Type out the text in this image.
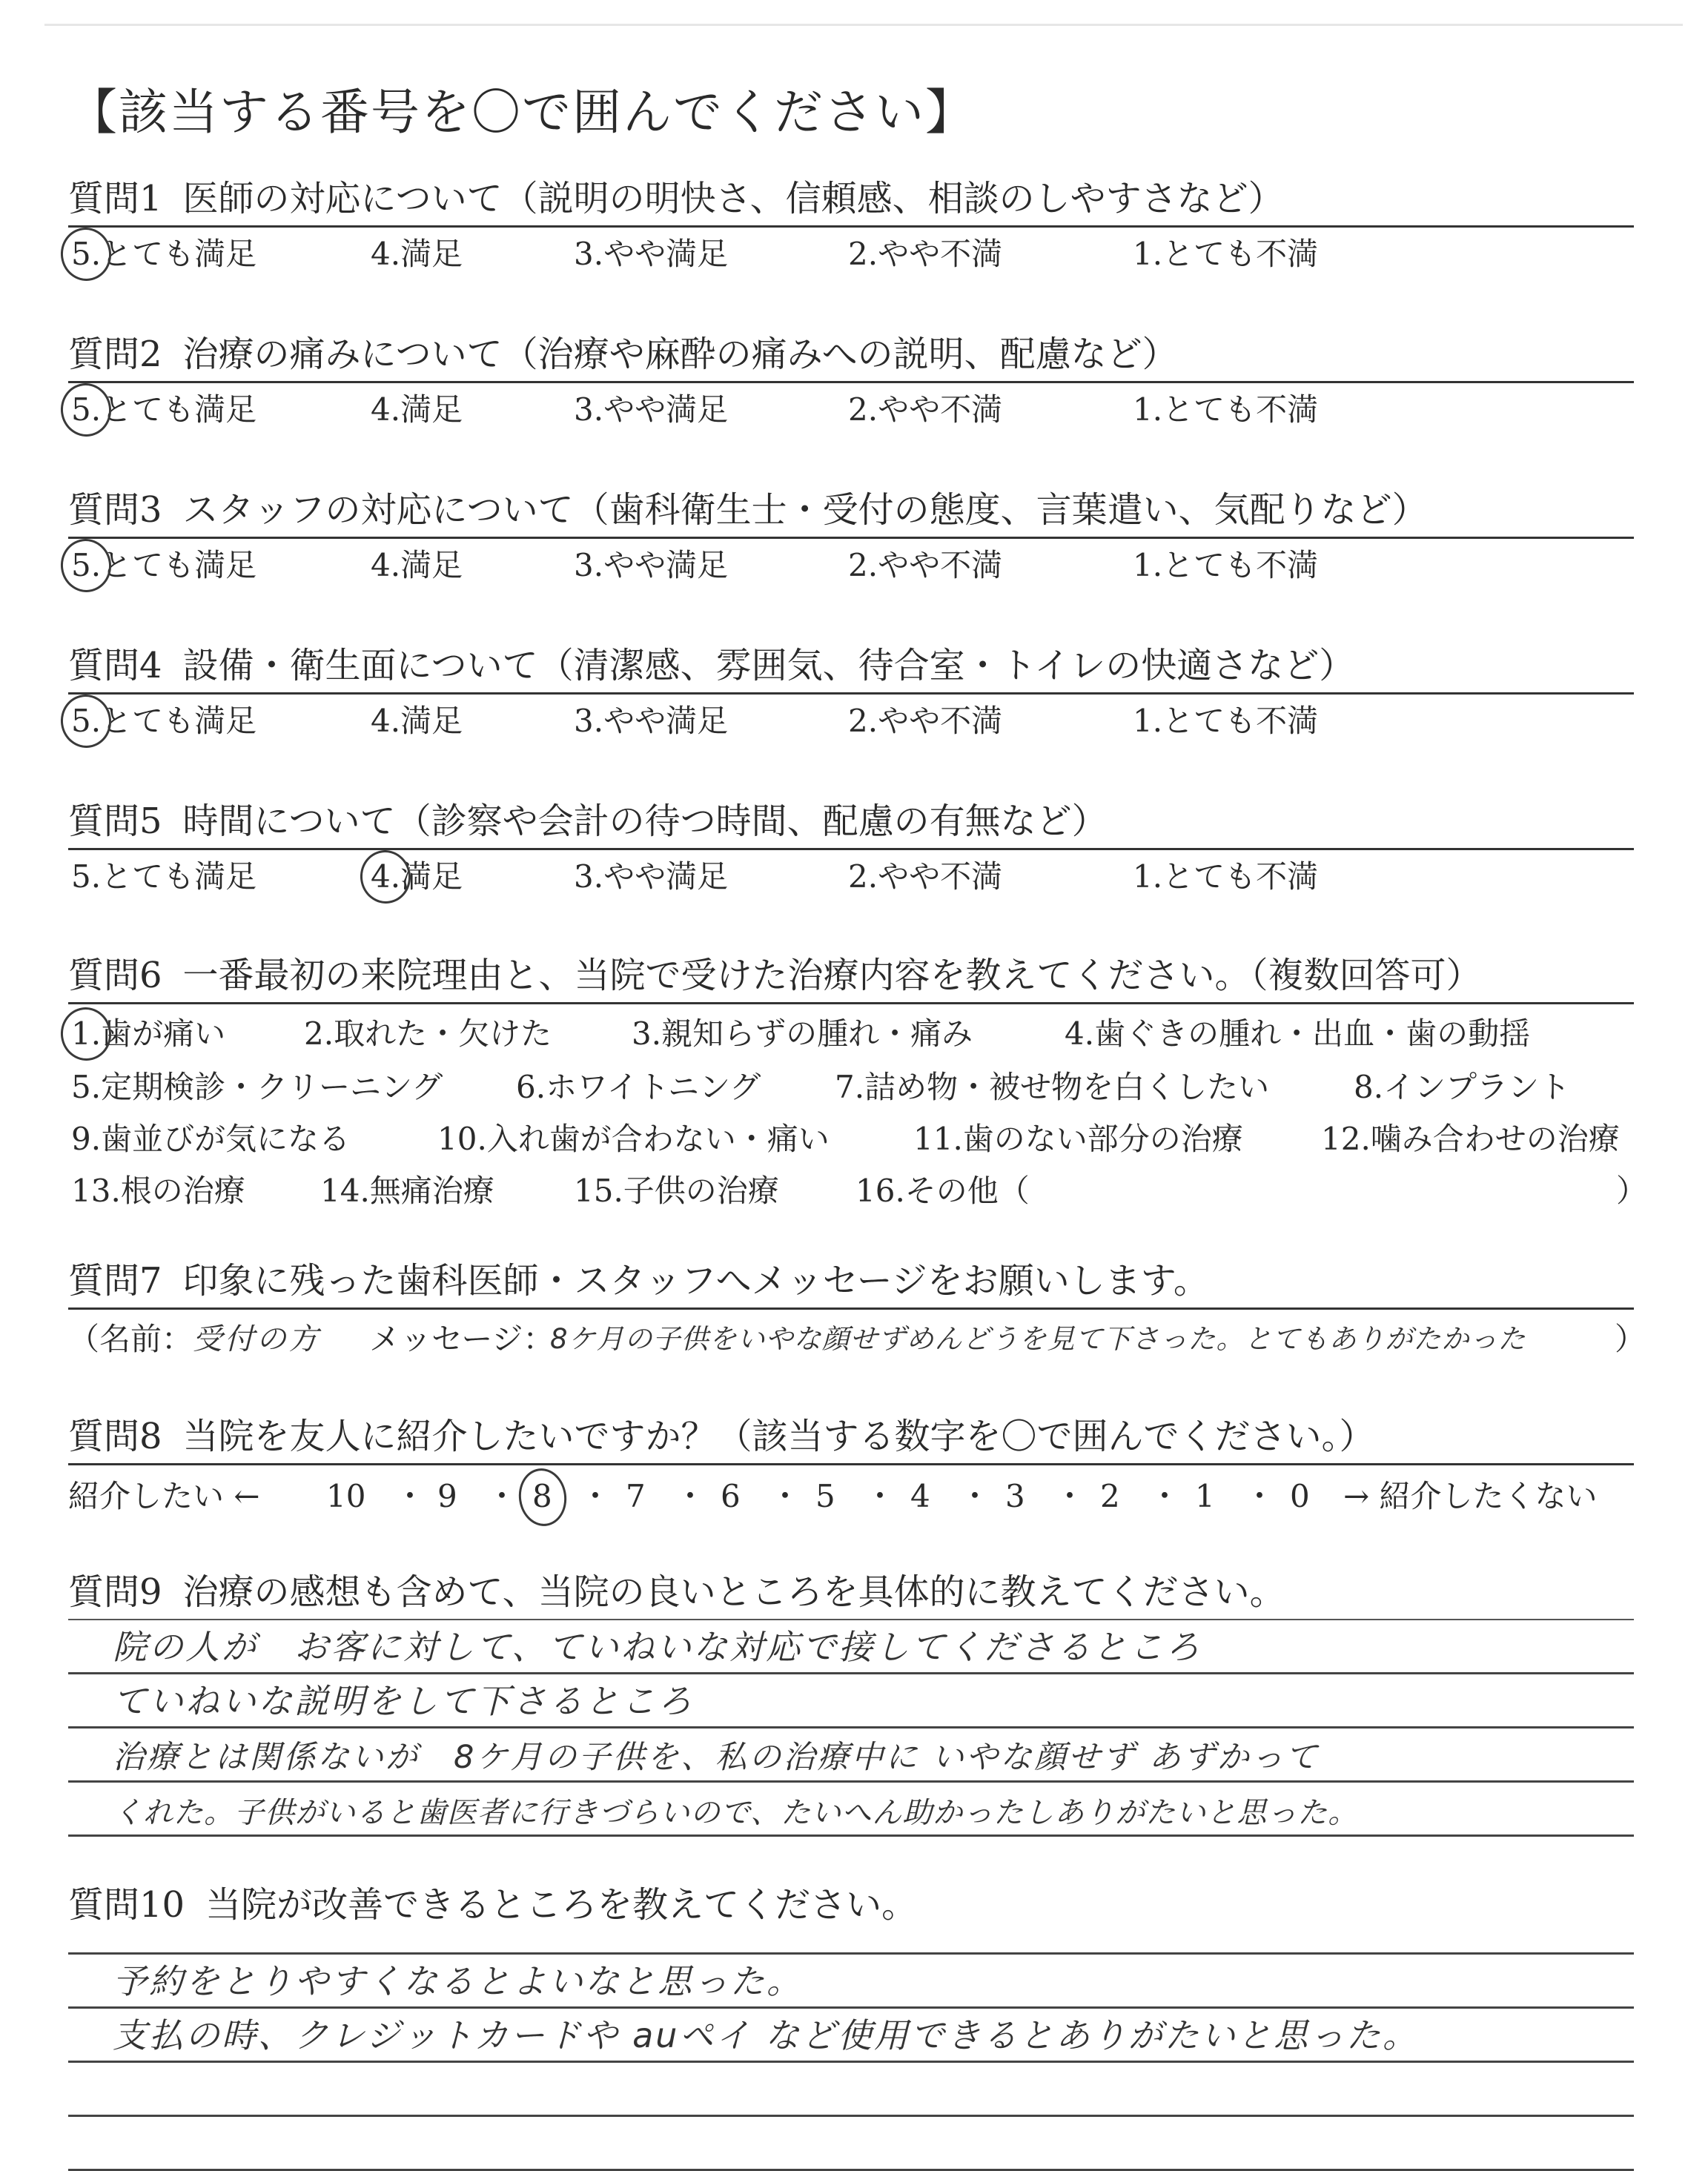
【該当する番号を〇で囲んでください】
質問1 医師の対応について（説明の明快さ、信頼感、相談のしやすさなど）
5.とても満足	4.満足	3.やや満足	2.やや不満	1.とても不満
質問2 治療の痛みについて（治療や麻酔の痛みへの説明、配慮など）
5.とても満足	4.満足	3.やや満足	2.やや不満	1.とても不満
質問3 スタッフの対応について（歯科衛生士・受付の態度、言葉遣い、気配りなど）
5.とても満足	4.満足	3.やや満足	2.やや不満	1.とても不満
質問4 設備・衛生面について（清潔感、雰囲気、待合室・トイレの快適さなど）
5.とても満足	4.満足	3.やや満足	2.やや不満	1.とても不満
質問5 時間について（診察や会計の待つ時間、配慮の有無など）
5.とても満足	4.満足	3.やや満足	2.やや不満	1.とても不満
質問6 一番最初の来院理由と、当院で受けた治療内容を教えてください。（複数回答可）
1.歯が痛い	2.取れた・欠けた	3.親知らずの腫れ・痛み	4.歯ぐきの腫れ・出血・歯の動揺
5.定期検診・クリーニング 6.ホワイトニング 7.詰め物・被せ物を白くしたい	8.インプラント
9.歯並びが気になる	10.入れ歯が合わない・痛い	11.歯のない部分の治療	12.噛み合わせの治療
13.根の治療 14.無痛治療	15.子供の治療 16.その他（	）
質問7 印象に残った歯科医師・スタッフへメッセージをお願いします。
（名前： 受付の方 メッセージ：
8ケ月の子供をいやな顔せずめんどうを見て下さった。とてもありがたかった	）
質問8 当院を友人に紹介したいですか？（該当する数字を〇で囲んでください。）
紹介したい ← 10 ・ 9 ・ 8 ・ 7 ・ 6 ・ 5 ・ 4 ・ 3 ・ 2 ・ 1 ・ 0 → 紹介したくない
質問9 治療の感想も含めて、当院の良いところを具体的に教えてください。
院の人が　お客に対して、ていねいな対応で接してくださるところ
ていねいな説明をして下さるところ
治療とは関係ないが　8ケ月の子供を、私の治療中に いやな顔せず あずかって
くれた。子供がいると歯医者に行きづらいので、たいへん助かったしありがたいと思った。
質問10 当院が改善できるところを教えてください。
予約をとりやすくなるとよいなと思った。
支払の時、クレジットカードや auペイ など使用できるとありがたいと思った。
